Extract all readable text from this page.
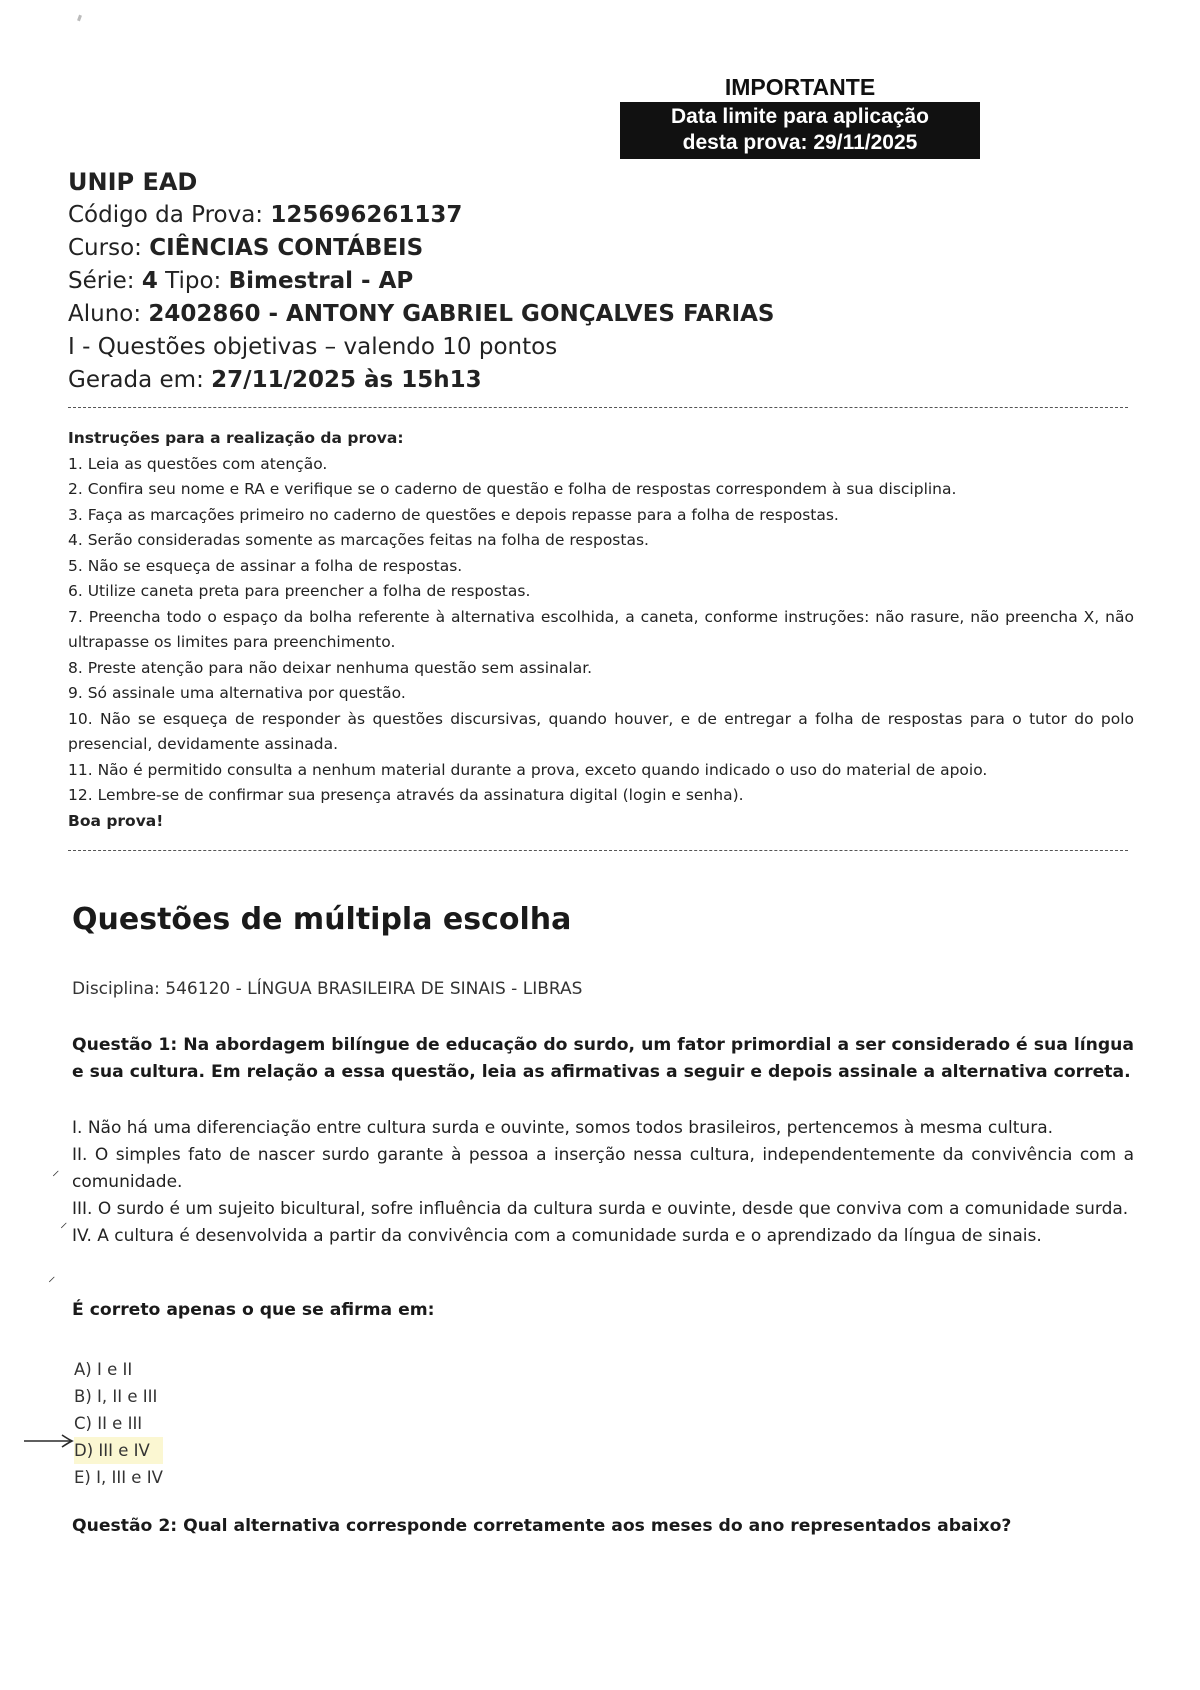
IMPORTANTE
Data limite para aplicação
desta prova: 29/11/2025
UNIP EAD
Código da Prova: 125696261137
Curso: CIÊNCIAS CONTÁBEIS
Série: 4 Tipo: Bimestral - AP
Aluno: 2402860 - ANTONY GABRIEL GONÇALVES FARIAS
I - Questões objetivas – valendo 10 pontos
Gerada em: 27/11/2025 às 15h13
Instruções para a realização da prova:
1. Leia as questões com atenção.
2. Confira seu nome e RA e verifique se o caderno de questão e folha de respostas correspondem à sua disciplina.
3. Faça as marcações primeiro no caderno de questões e depois repasse para a folha de respostas.
4. Serão consideradas somente as marcações feitas na folha de respostas.
5. Não se esqueça de assinar a folha de respostas.
6. Utilize caneta preta para preencher a folha de respostas.
7. Preencha todo o espaço da bolha referente à alternativa escolhida, a caneta, conforme instruções: não rasure, não preencha X, não ultrapasse os limites para preenchimento.
8. Preste atenção para não deixar nenhuma questão sem assinalar.
9. Só assinale uma alternativa por questão.
10. Não se esqueça de responder às questões discursivas, quando houver, e de entregar a folha de respostas para o tutor do polo presencial, devidamente assinada.
11. Não é permitido consulta a nenhum material durante a prova, exceto quando indicado o uso do material de apoio.
12. Lembre-se de confirmar sua presença através da assinatura digital (login e senha).
Boa prova!
Questões de múltipla escolha
Disciplina: 546120 - LÍNGUA BRASILEIRA DE SINAIS - LIBRAS
Questão 1: Na abordagem bilíngue de educação do surdo, um fator primordial a ser considerado é sua língua e sua cultura. Em relação a essa questão, leia as afirmativas a seguir e depois assinale a alternativa correta.
I. Não há uma diferenciação entre cultura surda e ouvinte, somos todos brasileiros, pertencemos à mesma cultura.
II. O simples fato de nascer surdo garante à pessoa a inserção nessa cultura, independentemente da convivência com a comunidade.
III. O surdo é um sujeito bicultural, sofre influência da cultura surda e ouvinte, desde que conviva com a comunidade surda.
IV. A cultura é desenvolvida a partir da convivência com a comunidade surda e o aprendizado da língua de sinais.
⸝
⸝
⸝
É correto apenas o que se afirma em:
A) I e II
B) I, II e III
C) II e III
D) III e IV
E) I, III e IV
Questão 2: Qual alternativa corresponde corretamente aos meses do ano representados abaixo?
